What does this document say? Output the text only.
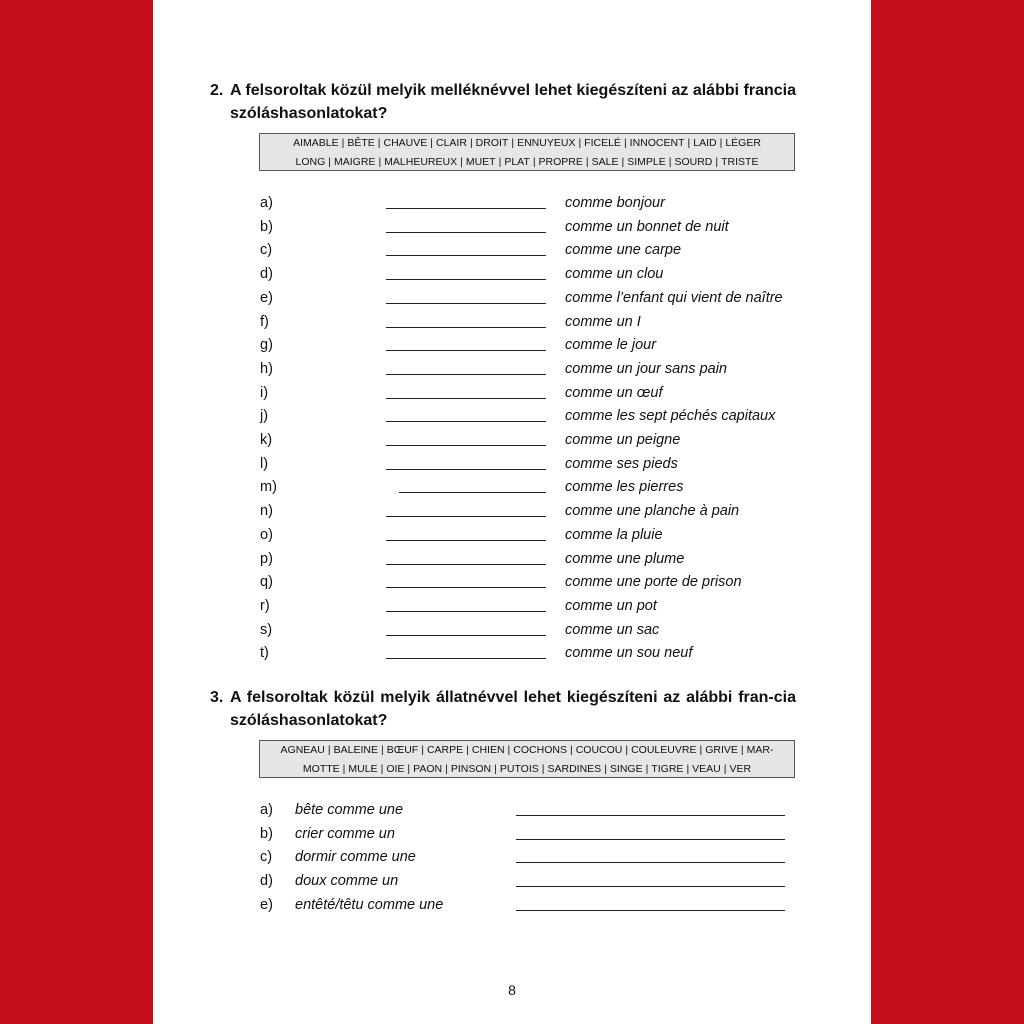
2. A felsoroltak közül melyik melléknévvel lehet kiegészíteni az alábbi francia szóláshasonlatokat?
AIMABLE | BÊTE | CHAUVE | CLAIR | DROIT | ENNUYEUX | FICELÉ | INNOCENT | LAID | LÉGER
LONG | MAIGRE | MALHEUREUX | MUET | PLAT | PROPRE | SALE | SIMPLE | SOURD | TRISTE
a)	comme bonjour
b)	comme un bonnet de nuit
c)	comme une carpe
d)	comme un clou
e)	comme l’enfant qui vient de naître
f)	comme un I
g)	comme le jour
h)	comme un jour sans pain
i)	comme un œuf
j)	comme les sept péchés capitaux
k)	comme un peigne
l)	comme ses pieds
m)	comme les pierres
n)	comme une planche à pain
o)	comme la pluie
p)	comme une plume
q)	comme une porte de prison
r)	comme un pot
s)	comme un sac
t)	comme un sou neuf
3. A felsoroltak közül melyik állatnévvel lehet kiegészíteni az alábbi fran-cia szóláshasonlatokat?
AGNEAU | BALEINE | BŒUF | CARPE | CHIEN | COCHONS | COUCOU | COULEUVRE | GRIVE | MAR-
MOTTE | MULE | OIE | PAON | PINSON | PUTOIS | SARDINES | SINGE | TIGRE | VEAU | VER
a) bête comme une
b) crier comme un
c) dormir comme une
d) doux comme un
e) entêté/têtu comme une
8
